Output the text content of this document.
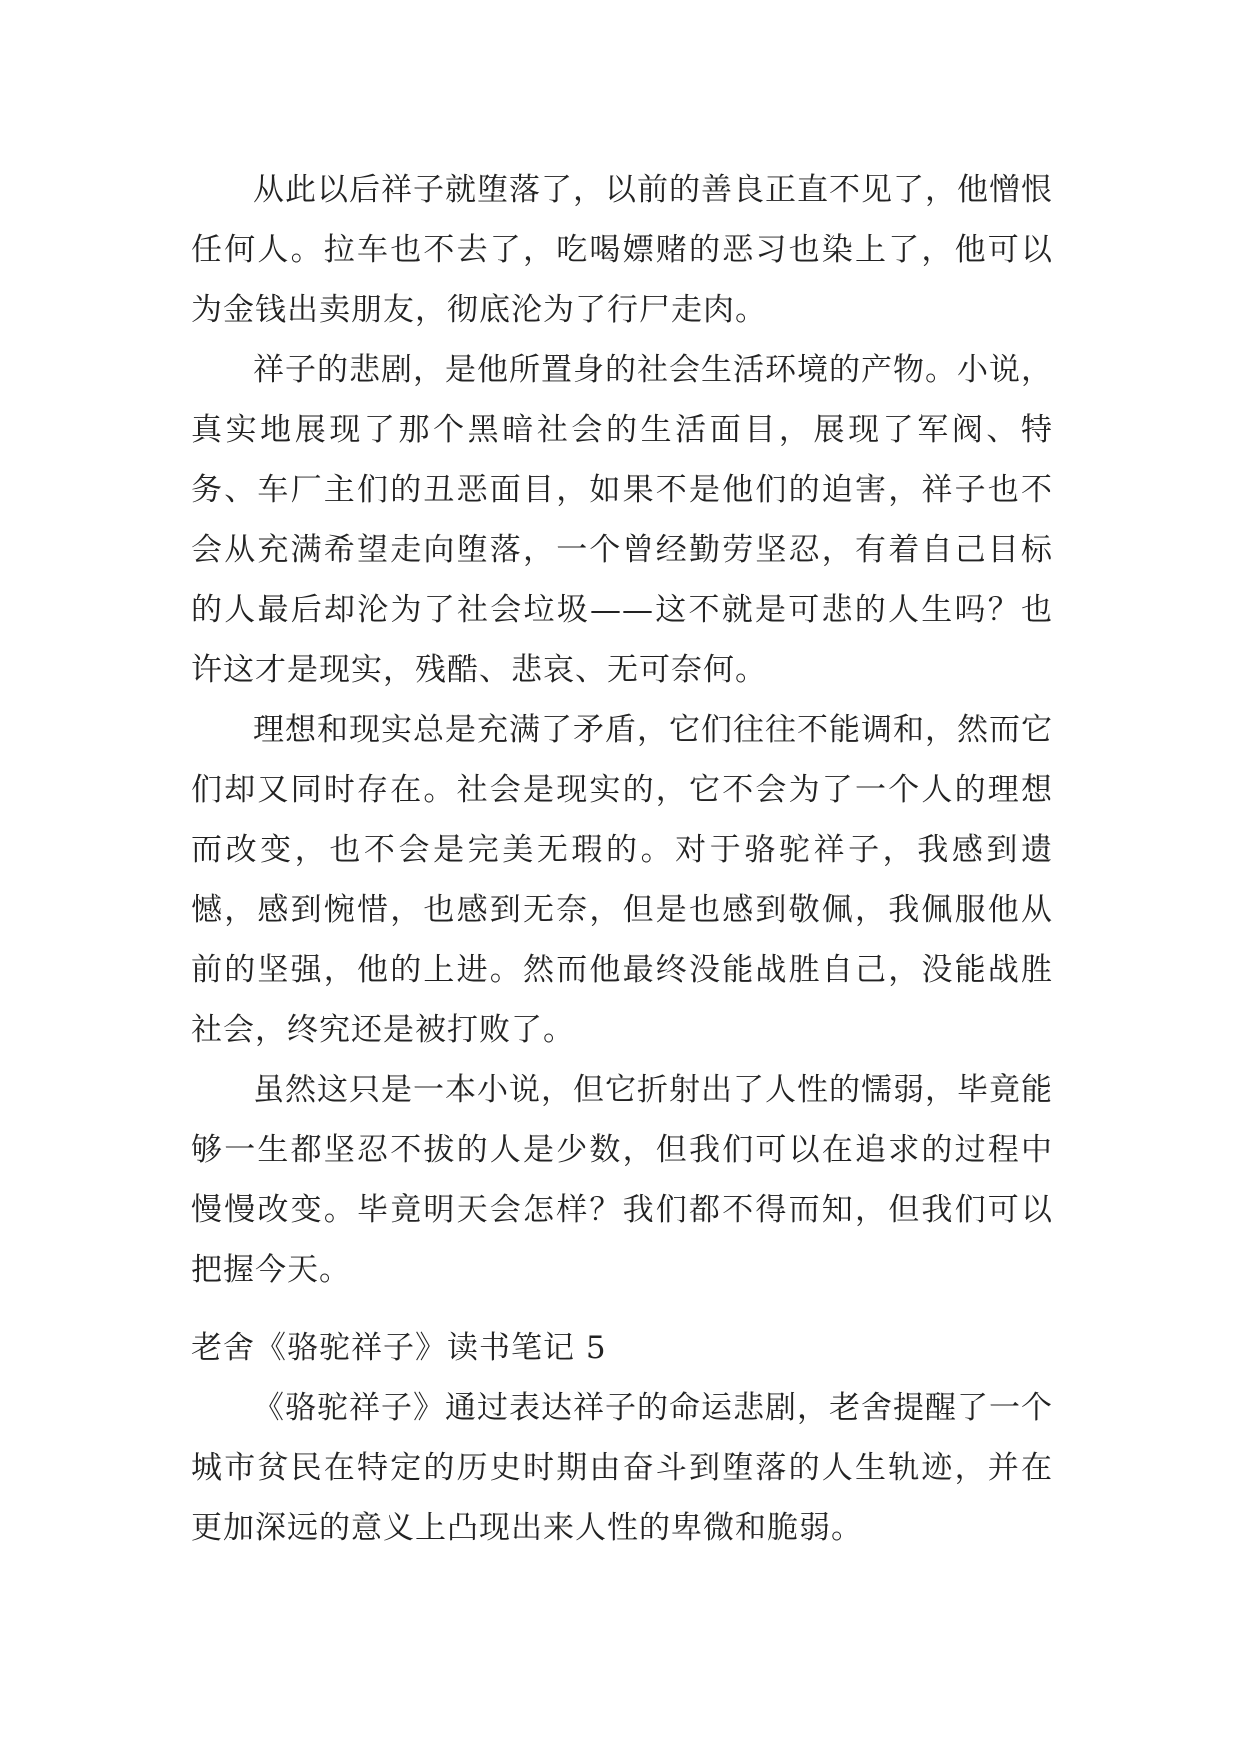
从此以后祥子就堕落了，以前的善良正直不见了，他憎恨任何人。拉车也不去了，吃喝嫖赌的恶习也染上了，他可以为金钱出卖朋友，彻底沦为了行尸走肉。

祥子的悲剧，是他所置身的社会生活环境的产物。小说，真实地展现了那个黑暗社会的生活面目，展现了军阀、特务、车厂主们的丑恶面目，如果不是他们的迫害，祥子也不会从充满希望走向堕落，一个曾经勤劳坚忍，有着自己目标的人最后却沦为了社会垃圾——这不就是可悲的人生吗？也许这才是现实，残酷、悲哀、无可奈何。

理想和现实总是充满了矛盾，它们往往不能调和，然而它们却又同时存在。社会是现实的，它不会为了一个人的理想而改变，也不会是完美无瑕的。对于骆驼祥子，我感到遗憾，感到惋惜，也感到无奈，但是也感到敬佩，我佩服他从前的坚强，他的上进。然而他最终没能战胜自己，没能战胜社会，终究还是被打败了。

虽然这只是一本小说，但它折射出了人性的懦弱，毕竟能够一生都坚忍不拔的人是少数，但我们可以在追求的过程中慢慢改变。毕竟明天会怎样？我们都不得而知，但我们可以把握今天。

老舍《骆驼祥子》读书笔记 5

《骆驼祥子》通过表达祥子的命运悲剧，老舍提醒了一个城市贫民在特定的历史时期由奋斗到堕落的人生轨迹，并在更加深远的意义上凸现出来人性的卑微和脆弱。
